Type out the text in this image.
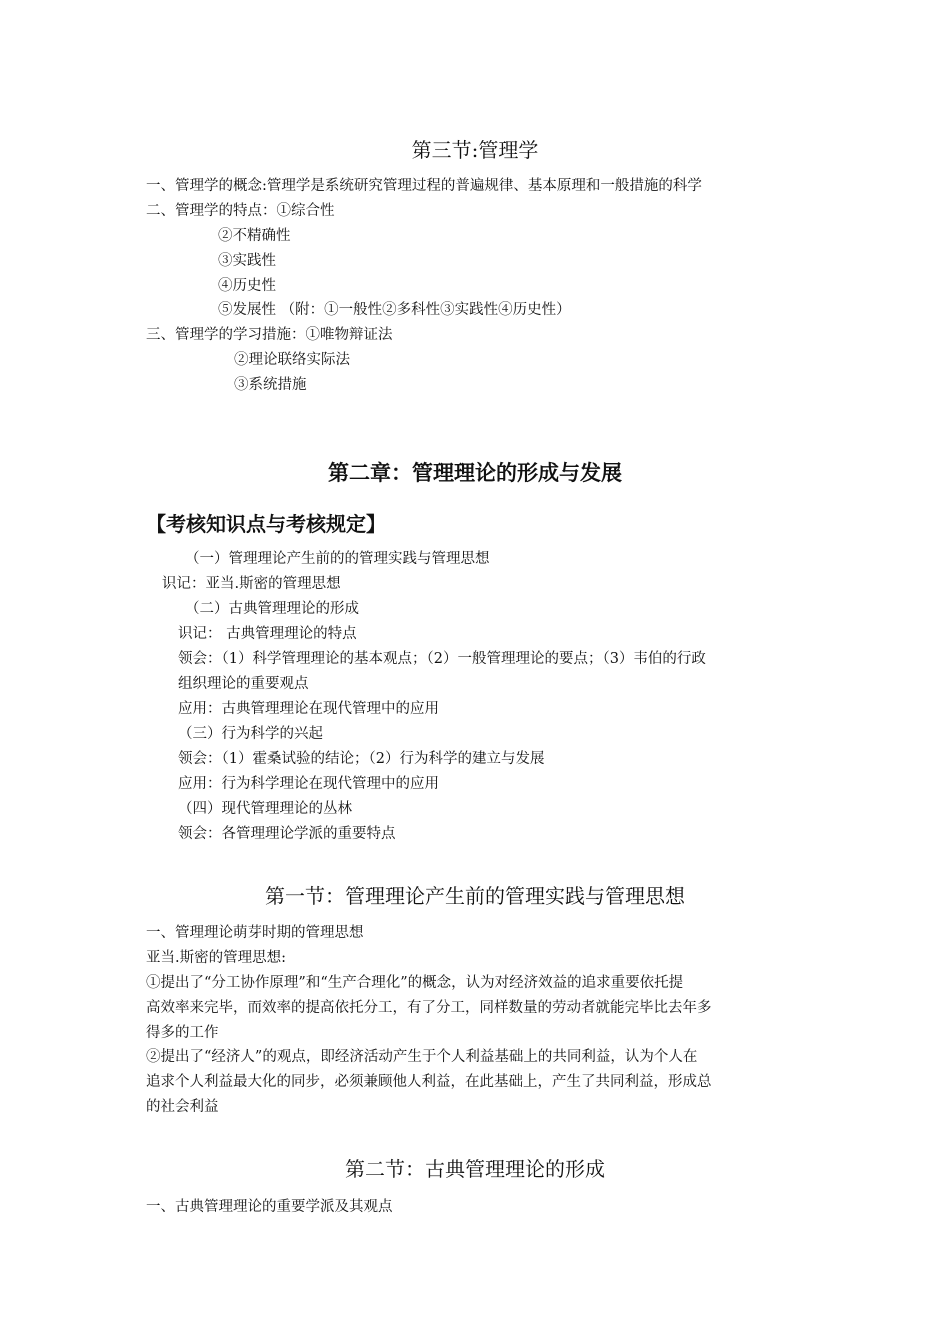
第三节:管理学

一、管理学的概念:管理学是系统研究管理过程的普遍规律、基本原理和一般措施的科学

二、管理学的特点：①综合性

②不精确性

③实践性

④历史性

⑤发展性 （附：①一般性②多科性③实践性④历史性）

三、管理学的学习措施：①唯物辩证法

②理论联络实际法

③系统措施

第二章：管理理论的形成与发展
【考核知识点与考核规定】

（一）管理理论产生前的的管理实践与管理思想

识记：亚当.斯密的管理思想

（二）古典管理理论的形成

识记： 古典管理理论的特点

领会：（1）科学管理理论的基本观点；（2）一般管理理论的要点；（3）韦伯的行政

组织理论的重要观点

应用：古典管理理论在现代管理中的应用

（三）行为科学的兴起

领会：（1）霍桑试验的结论；（2）行为科学的建立与发展

应用：行为科学理论在现代管理中的应用

（四）现代管理理论的丛林

领会：各管理理论学派的重要特点

第一节：管理理论产生前的管理实践与管理思想

一、管理理论萌芽时期的管理思想

亚当.斯密的管理思想:

①提出了“分工协作原理”和“生产合理化”的概念，认为对经济效益的追求重要依托提

高效率来完毕，而效率的提高依托分工，有了分工，同样数量的劳动者就能完毕比去年多

得多的工作

②提出了“经济人”的观点，即经济活动产生于个人利益基础上的共同利益，认为个人在

追求个人利益最大化的同步，必须兼顾他人利益，在此基础上，产生了共同利益，形成总

的社会利益

第二节：古典管理理论的形成

一、古典管理理论的重要学派及其观点
